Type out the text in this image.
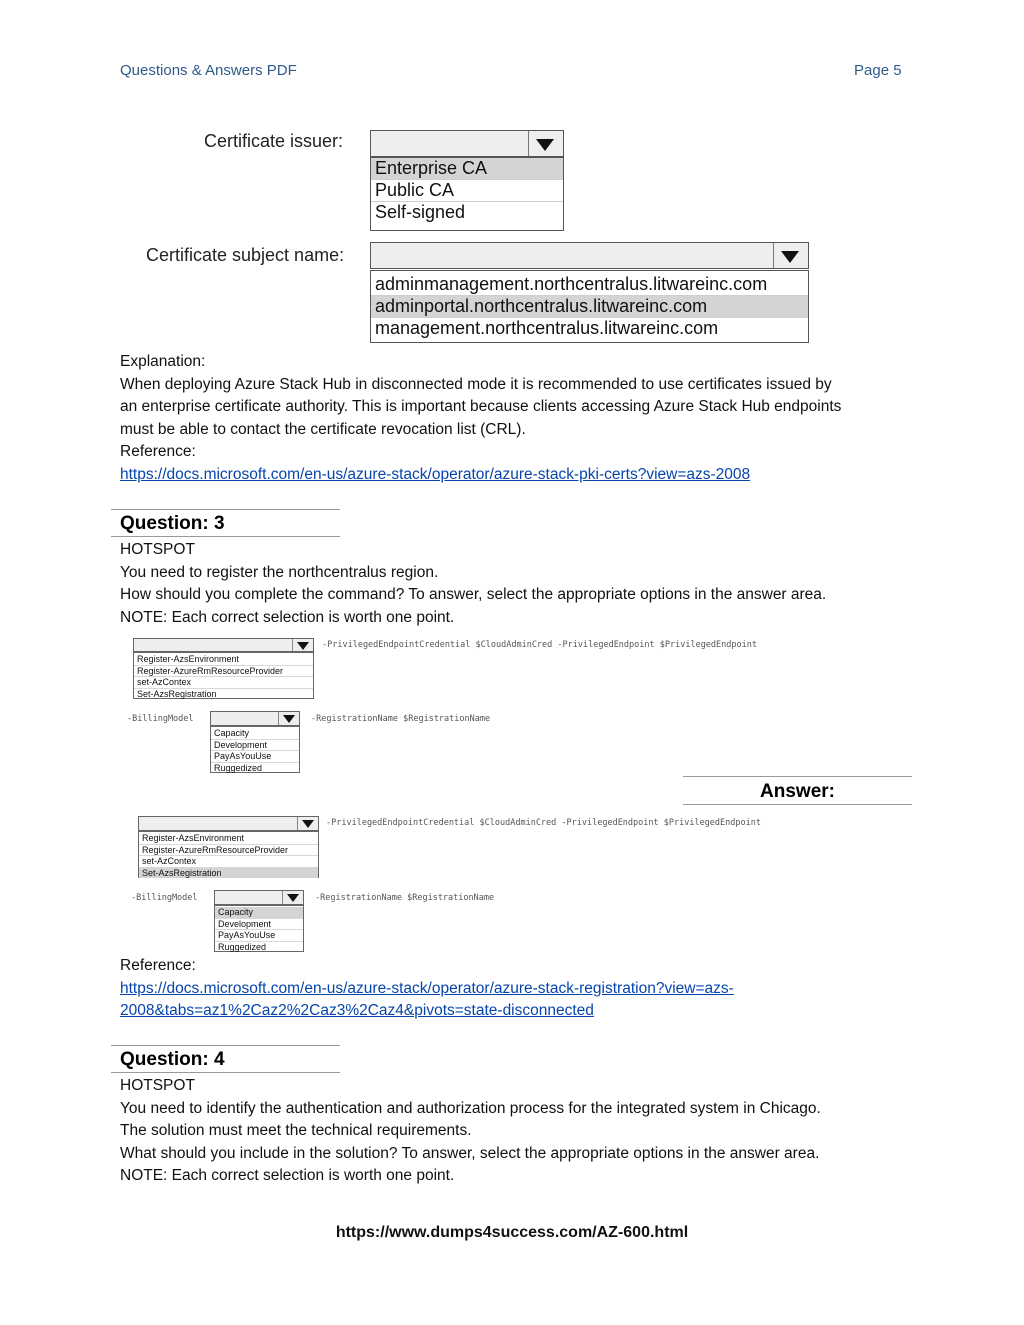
Questions & Answers PDF	Page 5
Certificate issuer:
Enterprise CA
Public CA
Self-signed
Certificate subject name:
adminmanagement.northcentralus.litwareinc.com
adminportal.northcentralus.litwareinc.com
management.northcentralus.litwareinc.com
Explanation:
When deploying Azure Stack Hub in disconnected mode it is recommended to use certificates issued by
an enterprise certificate authority. This is important because clients accessing Azure Stack Hub endpoints
must be able to contact the certificate revocation list (CRL).
Reference:
https://docs.microsoft.com/en-us/azure-stack/operator/azure-stack-pki-certs?view=azs-2008
Question: 3
HOTSPOT
You need to register the northcentralus region.
How should you complete the command? To answer, select the appropriate options in the answer area.
NOTE: Each correct selection is worth one point.
Register-AzsEnvironment
Register-AzureRmResourceProvider
set-AzContex
Set-AzsRegistration
-PrivilegedEndpointCredential $CloudAdminCred -PrivilegedEndpoint $PrivilegedEndpoint
-BillingModel
Capacity
Development
PayAsYouUse
Ruggedized
-RegistrationName $RegistrationName
Answer:
Register-AzsEnvironment
Register-AzureRmResourceProvider
set-AzContex
Set-AzsRegistration
-PrivilegedEndpointCredential $CloudAdminCred -PrivilegedEndpoint $PrivilegedEndpoint
-BillingModel
Capacity
Development
PayAsYouUse
Ruggedized
-RegistrationName $RegistrationName
Reference:
https://docs.microsoft.com/en-us/azure-stack/operator/azure-stack-registration?view=azs-
2008&tabs=az1%2Caz2%2Caz3%2Caz4&pivots=state-disconnected
Question: 4
HOTSPOT
You need to identify the authentication and authorization process for the integrated system in Chicago.
The solution must meet the technical requirements.
What should you include in the solution? To answer, select the appropriate options in the answer area.
NOTE: Each correct selection is worth one point.
https://www.dumps4success.com/AZ-600.html
